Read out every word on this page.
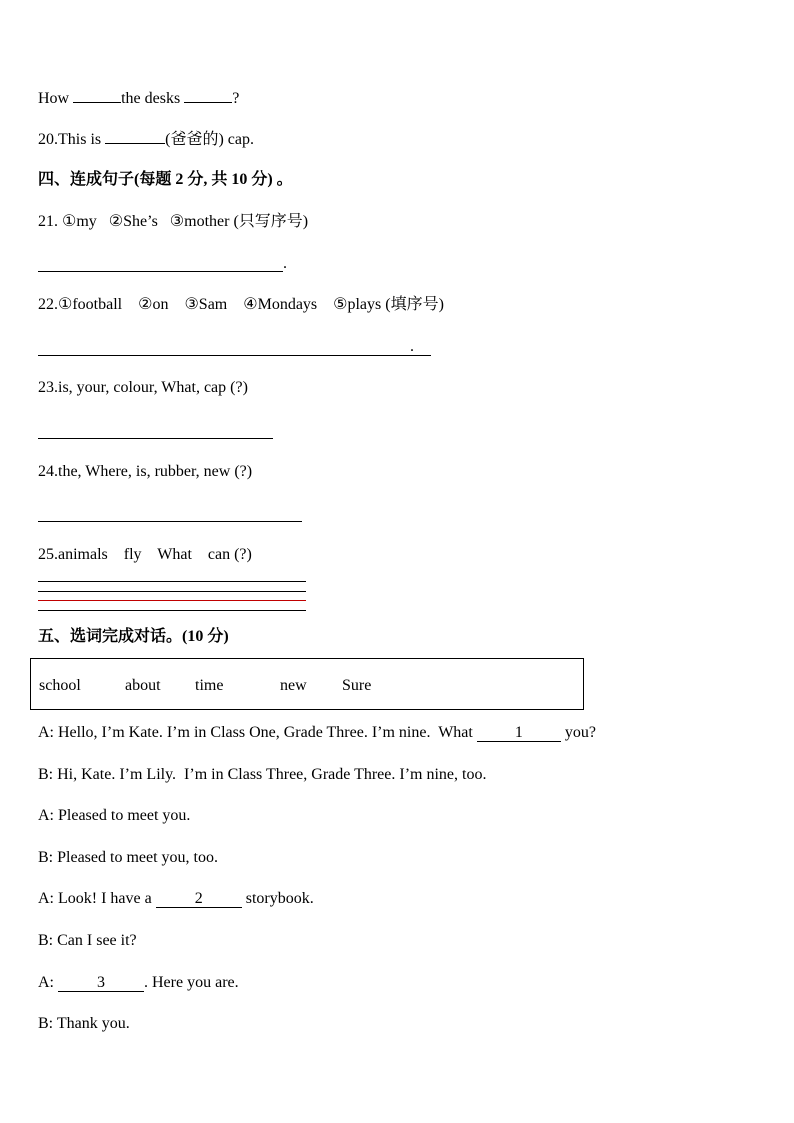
How	the desks	?
20.This is	(爸爸的) cap.
四、连成句子(每题 2 分, 共 10 分) 。
21. ①my   ②She’s   ③mother (只写序号)
.
22.①football    ②on    ③Sam    ④Mondays    ⑤plays (填序号)
.
23.is, your, colour, What, cap (?)
24.the, Where, is, rubber, new (?)
25.animals    fly    What    can (?)
五、选词完成对话。(10 分)
school	about time	new Sure
A: Hello, I’m Kate. I’m in Class One, Grade Three. I’m nine.  What 1 you?
B: Hi, Kate. I’m Lily.  I’m in Class Three, Grade Three. I’m nine, too.
A: Pleased to meet you.
B: Pleased to meet you, too.
A: Look! I have a 2 storybook.
B: Can I see it?
A: 3 . Here you are.
B: Thank you.
